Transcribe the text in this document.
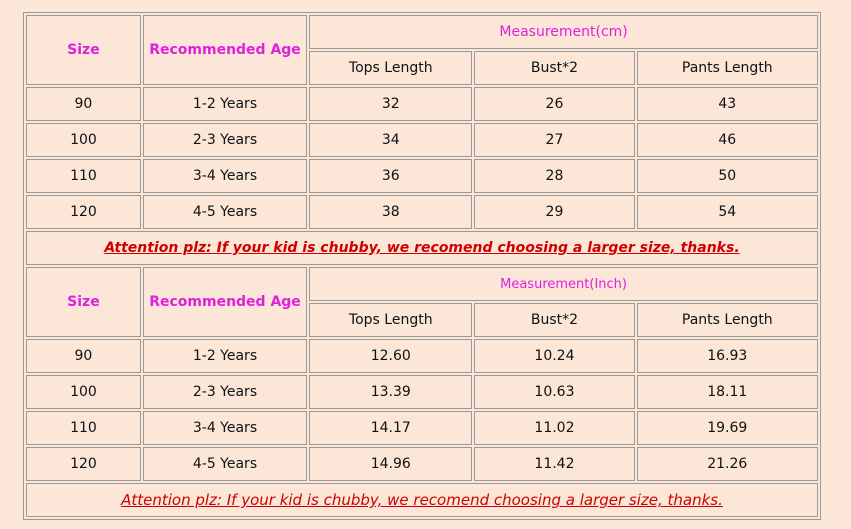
Size	Recommended Age	Measurement(cm)		
		Tops Length	Bust*2	Pants Length
90	1-2 Years	32	26	43
100	2-3 Years	34	27	46
110	3-4 Years	36	28	50
120	4-5 Years	38	29	54
Attention plz: If your kid is chubby, we recomend choosing a larger size, thanks.				
Size	Recommended Age	Measurement(Inch)		
		Tops Length	Bust*2	Pants Length
90	1-2 Years	12.60	10.24	16.93
100	2-3 Years	13.39	10.63	18.11
110	3-4 Years	14.17	11.02	19.69
120	4-5 Years	14.96	11.42	21.26
Attention plz: If your kid is chubby, we recomend choosing a larger size, thanks.				
